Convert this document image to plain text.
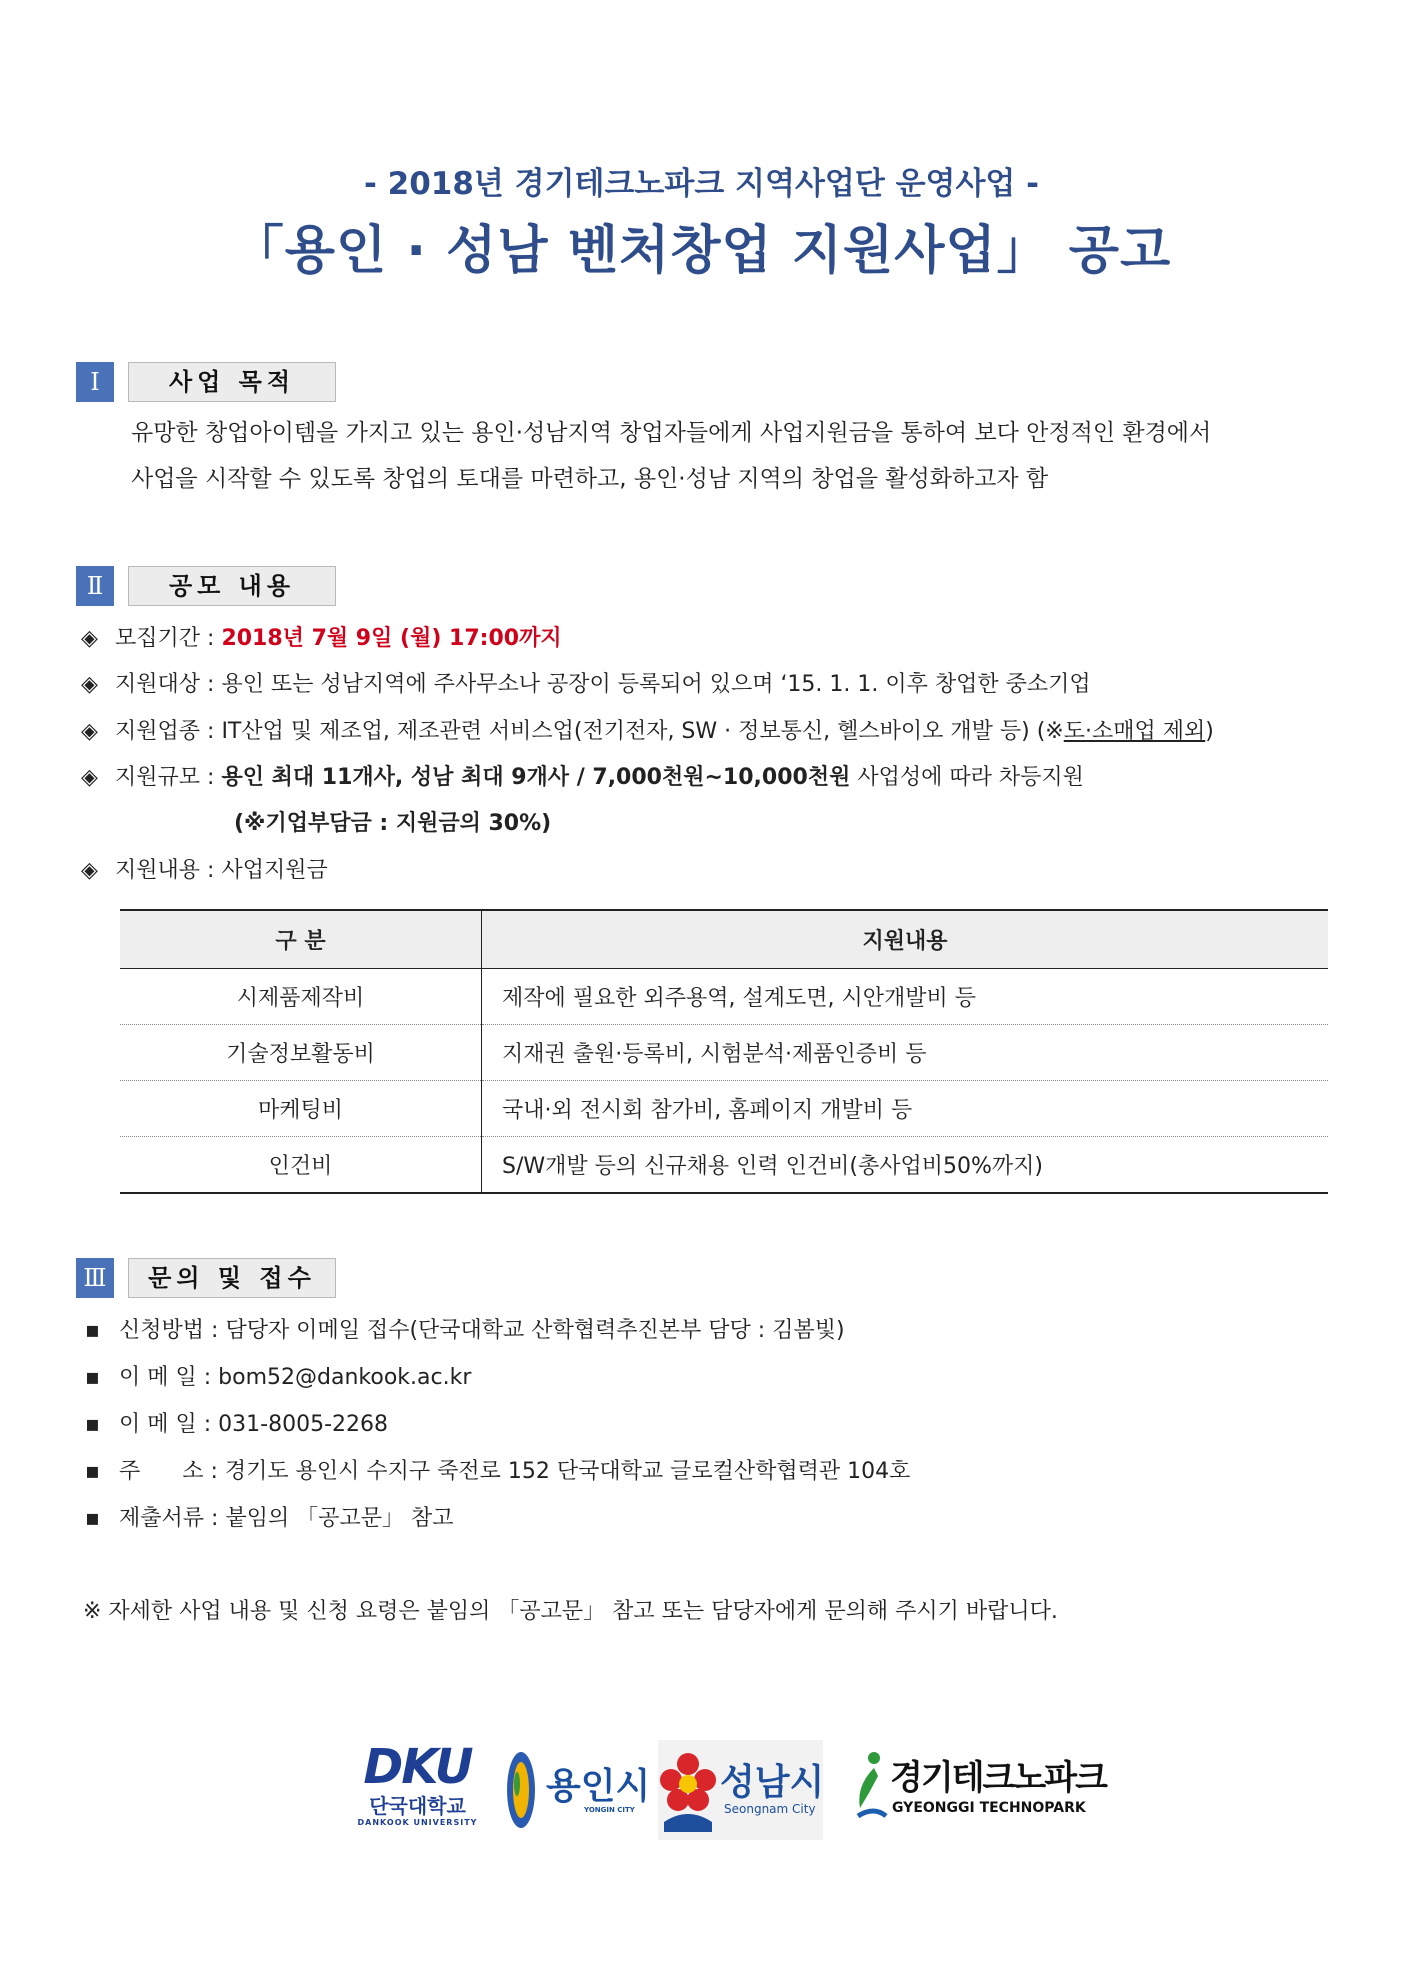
- 2018년 경기테크노파크 지역사업단 운영사업 -
「용인 · 성남 벤처창업 지원사업」 공고
Ⅰ	사업 목적
유망한 창업아이템을 가지고 있는 용인·성남지역 창업자들에게 사업지원금을 통하여 보다 안정적인 환경에서
사업을 시작할 수 있도록 창업의 토대를 마련하고, 용인·성남 지역의 창업을 활성화하고자 함
Ⅱ	공모 내용
◈ 모집기간 : 2018년 7월 9일 (월) 17:00까지
◈ 지원대상 : 용인 또는 성남지역에 주사무소나 공장이 등록되어 있으며 ‘15. 1. 1. 이후 창업한 중소기업
◈ 지원업종 : IT산업 및 제조업, 제조관련 서비스업(전기전자, SW · 정보통신, 헬스바이오 개발 등) (※도·소매업 제외)
◈ 지원규모 : 용인 최대 11개사, 성남 최대 9개사 / 7,000천원~10,000천원 사업성에 따라 차등지원
(※기업부담금 : 지원금의 30%)
◈ 지원내용 : 사업지원금
구 분	지원내용
시제품제작비	제작에 필요한 외주용역, 설계도면, 시안개발비 등
기술정보활동비	지재권 출원·등록비, 시험분석·제품인증비 등
마케팅비	국내·외 전시회 참가비, 홈페이지 개발비 등
인건비	S/W개발 등의 신규채용 인력 인건비(총사업비50%까지)
Ⅲ	문의 및 접수
▪ 신청방법 : 담당자 이메일 접수(단국대학교 산학협력추진본부 담당 : 김봄빛)
▪ 이 메 일 : bom52@dankook.ac.kr
▪ 이 메 일 : 031-8005-2268
▪ 주      소 : 경기도 용인시 수지구 죽전로 152 단국대학교 글로컬산학협력관 104호
▪ 제출서류 : 붙임의 「공고문」 참고
※ 자세한 사업 내용 및 신청 요령은 붙임의 「공고문」 참고 또는 담당자에게 문의해 주시기 바랍니다.
DKU
단국대학교
DANKOOK UNIVERSITY
용인시
YONGIN CITY
성남시
Seongnam City
경기테크노파크
GYEONGGI TECHNOPARK
